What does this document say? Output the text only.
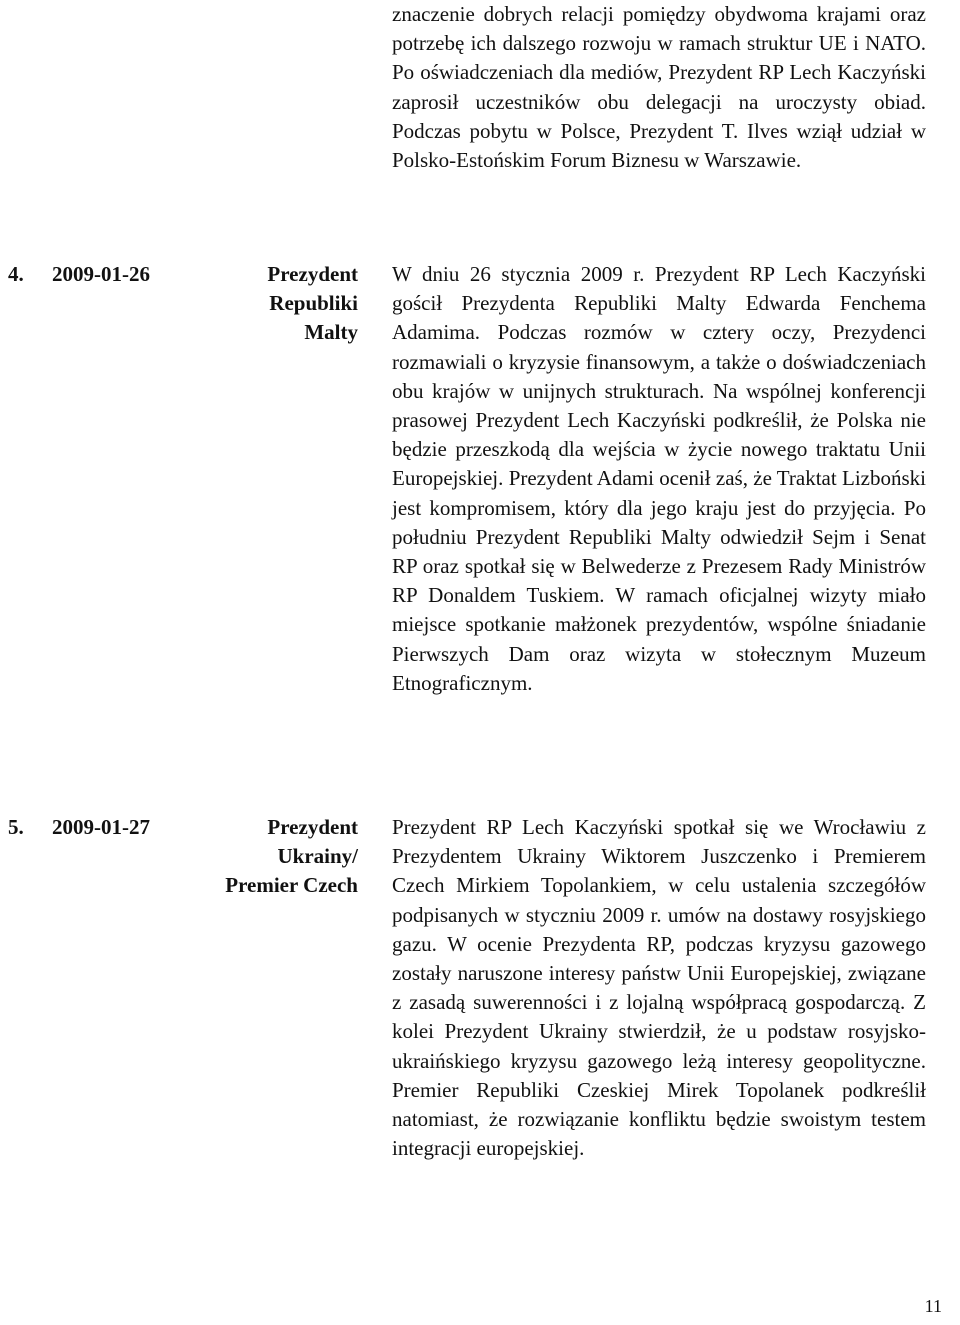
znaczenie dobrych relacji pomiędzy obydwoma krajami oraz potrzebę ich dalszego rozwoju w ramach struktur UE i NATO. Po oświadczeniach dla mediów, Prezydent RP Lech Kaczyński zaprosił uczestników obu delegacji na uroczysty obiad. Podczas pobytu w Polsce, Prezydent T. Ilves wziął udział w Polsko-Estońskim Forum Biznesu w Warszawie.

4. 2009-01-26	Prezydent
Republiki
Malty

W dniu 26 stycznia 2009 r. Prezydent RP Lech Kaczyński gościł Prezydenta Republiki Malty Edwarda Fenchema Adamima. Podczas rozmów w cztery oczy, Prezydenci rozmawiali o kryzysie finansowym, a także o doświadczeniach obu krajów w unijnych strukturach. Na wspólnej konferencji prasowej Prezydent Lech Kaczyński podkreślił, że Polska nie będzie przeszkodą dla wejścia w życie nowego traktatu Unii Europejskiej. Prezydent Adami ocenił zaś, że Traktat Lizboński jest kompromisem, który dla jego kraju jest do przyjęcia. Po południu Prezydent Republiki Malty odwiedził Sejm i Senat RP oraz spotkał się w Belwederze z Prezesem Rady Ministrów RP Donaldem Tuskiem. W ramach oficjalnej wizyty miało miejsce spotkanie małżonek prezydentów, wspólne śniadanie Pierwszych Dam oraz wizyta w stołecznym Muzeum Etnograficznym.

5. 2009-01-27	Prezydent
Ukrainy/
Premier Czech

Prezydent RP Lech Kaczyński spotkał się we Wrocławiu z Prezydentem Ukrainy Wiktorem Juszczenko i Premierem Czech Mirkiem Topolankiem, w celu ustalenia szczegółów podpisanych w styczniu 2009 r. umów na dostawy rosyjskiego gazu. W ocenie Prezydenta RP, podczas kryzysu gazowego zostały naruszone interesy państw Unii Europejskiej, związane z zasadą suwerenności i z lojalną współpracą gospodarczą. Z kolei Prezydent Ukrainy stwierdził, że u podstaw rosyjsko-ukraińskiego kryzysu gazowego leżą interesy geopolityczne. Premier Republiki Czeskiej Mirek Topolanek podkreślił natomiast, że rozwiązanie konfliktu będzie swoistym testem integracji europejskiej.

11
